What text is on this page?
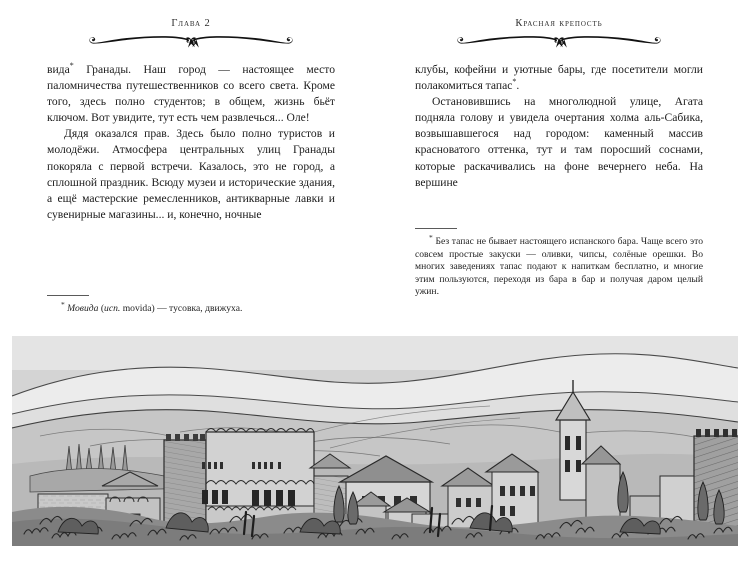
Глава 2

вида* Гранады. Наш город — настоящее место паломничества путешественников со всего света. Кроме того, здесь полно студентов; в общем, жизнь бьёт ключом. Вот увидите, тут есть чем развлечься... Оле!

Дядя оказался прав. Здесь было полно туристов и молодёжи. Атмосфера центральных улиц Гранады покоряла с первой встречи. Казалось, это не город, а сплошной праздник. Всюду музеи и исторические здания, а ещё мастерские ремесленников, антикварные лавки и сувенирные магазины... и, конечно, ночные

* Мовида (исп. movida) — тусовка, движуха.
Красная крепость

клубы, кофейни и уютные бары, где посетители могли полакомиться тапас*.

Остановившись на многолюдной улице, Агата подняла голову и увидела очертания холма аль-Сабика, возвышавшегося над городом: каменный массив красноватого оттенка, тут и там поросший соснами, которые раскачивались на фоне вечернего неба. На вершине

* Без тапас не бывает настоящего испанского бара. Чаще всего это совсем простые закуски — оливки, чипсы, солёные орешки. Во многих заведениях тапас подают к напиткам бесплатно, и многие этим пользуются, переходя из бара в бар и получая даром целый ужин.
